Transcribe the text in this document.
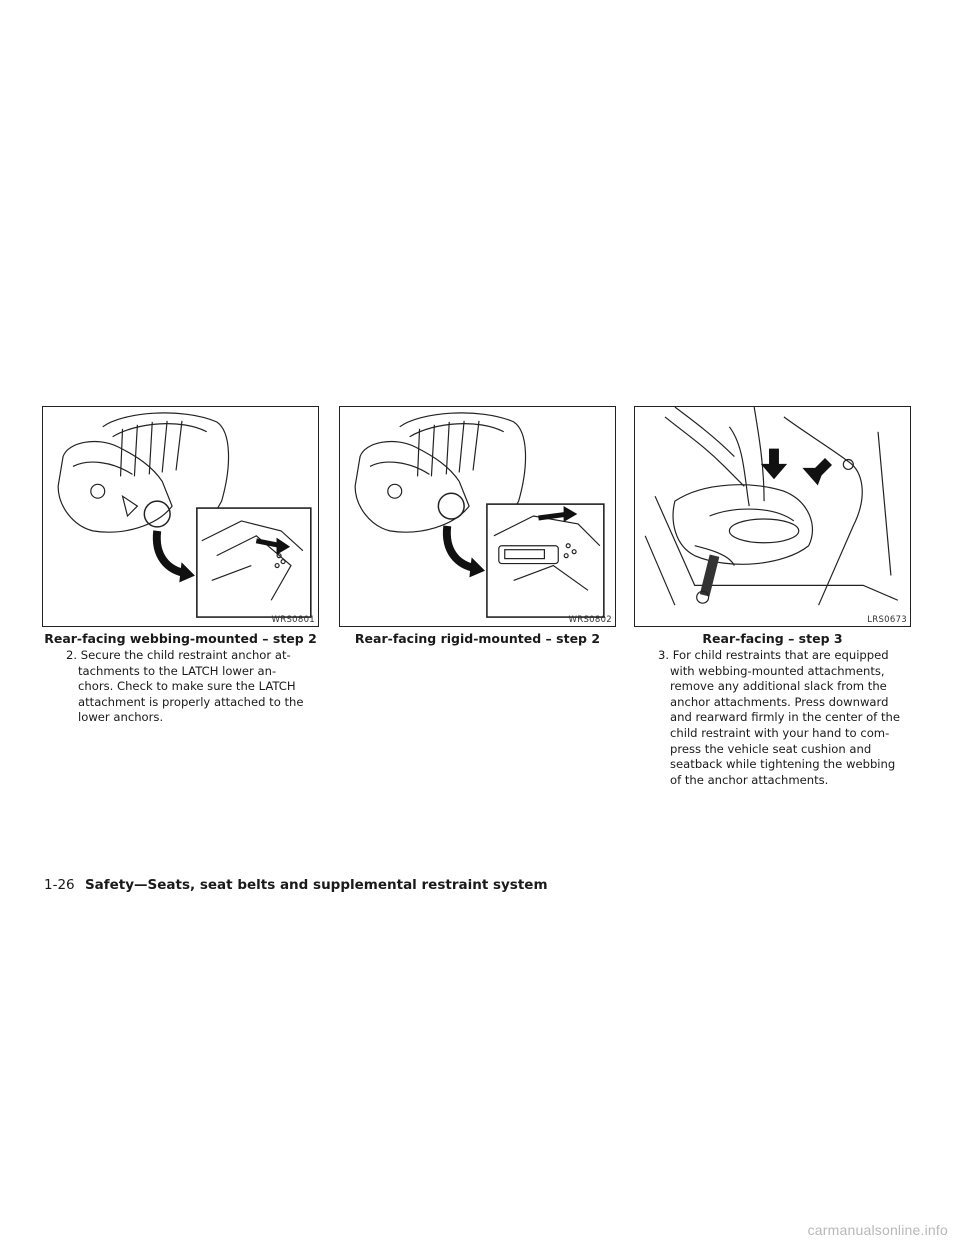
WRS0801	WRS0802	LRS0673
Rear-facing webbing-mounted – step 2	Rear-facing rigid-mounted – step 2	Rear-facing – step 3
2. Secure the child restraint anchor at-
tachments to the LATCH lower an-
chors. Check to make sure the LATCH
attachment is properly attached to the
lower anchors.
3. For child restraints that are equipped
with webbing-mounted attachments,
remove any additional slack from the
anchor attachments. Press downward
and rearward firmly in the center of the
child restraint with your hand to com-
press the vehicle seat cushion and
seatback while tightening the webbing
of the anchor attachments.
1-26 Safety—Seats, seat belts and supplemental restraint system
carmanualsonline.info
